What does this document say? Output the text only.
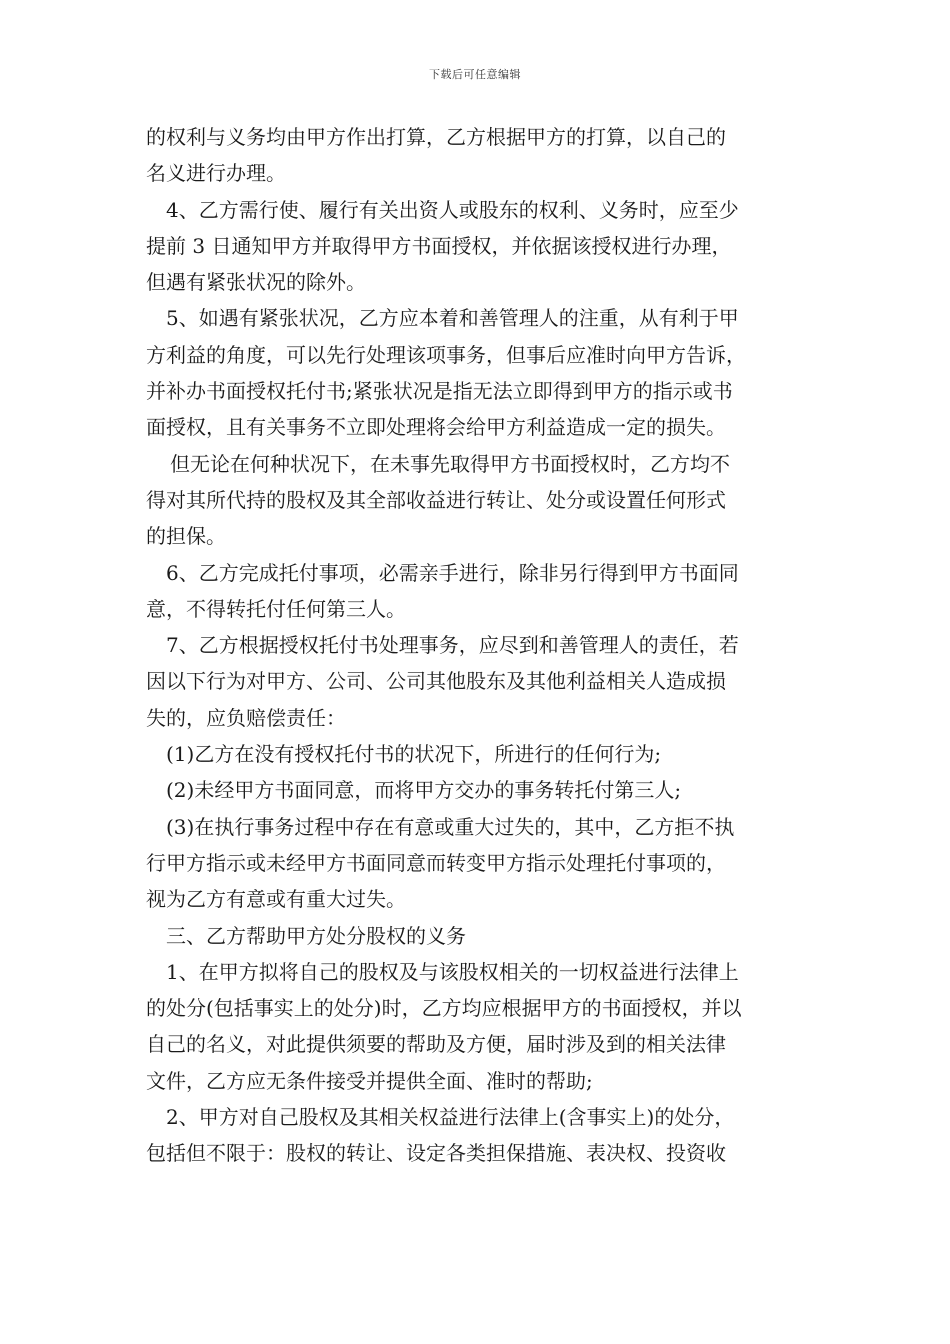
下载后可任意编辑
的权利与义务均由甲方作出打算，乙方根据甲方的打算，以自己的
名义进行办理。
4、乙方需行使、履行有关出资人或股东的权利、义务时，应至少
提前 3 日通知甲方并取得甲方书面授权，并依据该授权进行办理，
但遇有紧张状况的除外。
5、如遇有紧张状况，乙方应本着和善管理人的注重，从有利于甲
方利益的角度，可以先行处理该项事务，但事后应准时向甲方告诉，
并补办书面授权托付书;紧张状况是指无法立即得到甲方的指示或书
面授权，且有关事务不立即处理将会给甲方利益造成一定的损失。
但无论在何种状况下，在未事先取得甲方书面授权时，乙方均不
得对其所代持的股权及其全部收益进行转让、处分或设置任何形式
的担保。
6、乙方完成托付事项，必需亲手进行，除非另行得到甲方书面同
意，不得转托付任何第三人。
7、乙方根据授权托付书处理事务，应尽到和善管理人的责任，若
因以下行为对甲方、公司、公司其他股东及其他利益相关人造成损
失的，应负赔偿责任：
(1)乙方在没有授权托付书的状况下，所进行的任何行为;
(2)未经甲方书面同意，而将甲方交办的事务转托付第三人;
(3)在执行事务过程中存在有意或重大过失的，其中，乙方拒不执
行甲方指示或未经甲方书面同意而转变甲方指示处理托付事项的，
视为乙方有意或有重大过失。
三、乙方帮助甲方处分股权的义务
1、在甲方拟将自己的股权及与该股权相关的一切权益进行法律上
的处分(包括事实上的处分)时，乙方均应根据甲方的书面授权，并以
自己的名义，对此提供须要的帮助及方便，届时涉及到的相关法律
文件，乙方应无条件接受并提供全面、准时的帮助;
2、甲方对自己股权及其相关权益进行法律上(含事实上)的处分，
包括但不限于：股权的转让、设定各类担保措施、表决权、投资收
